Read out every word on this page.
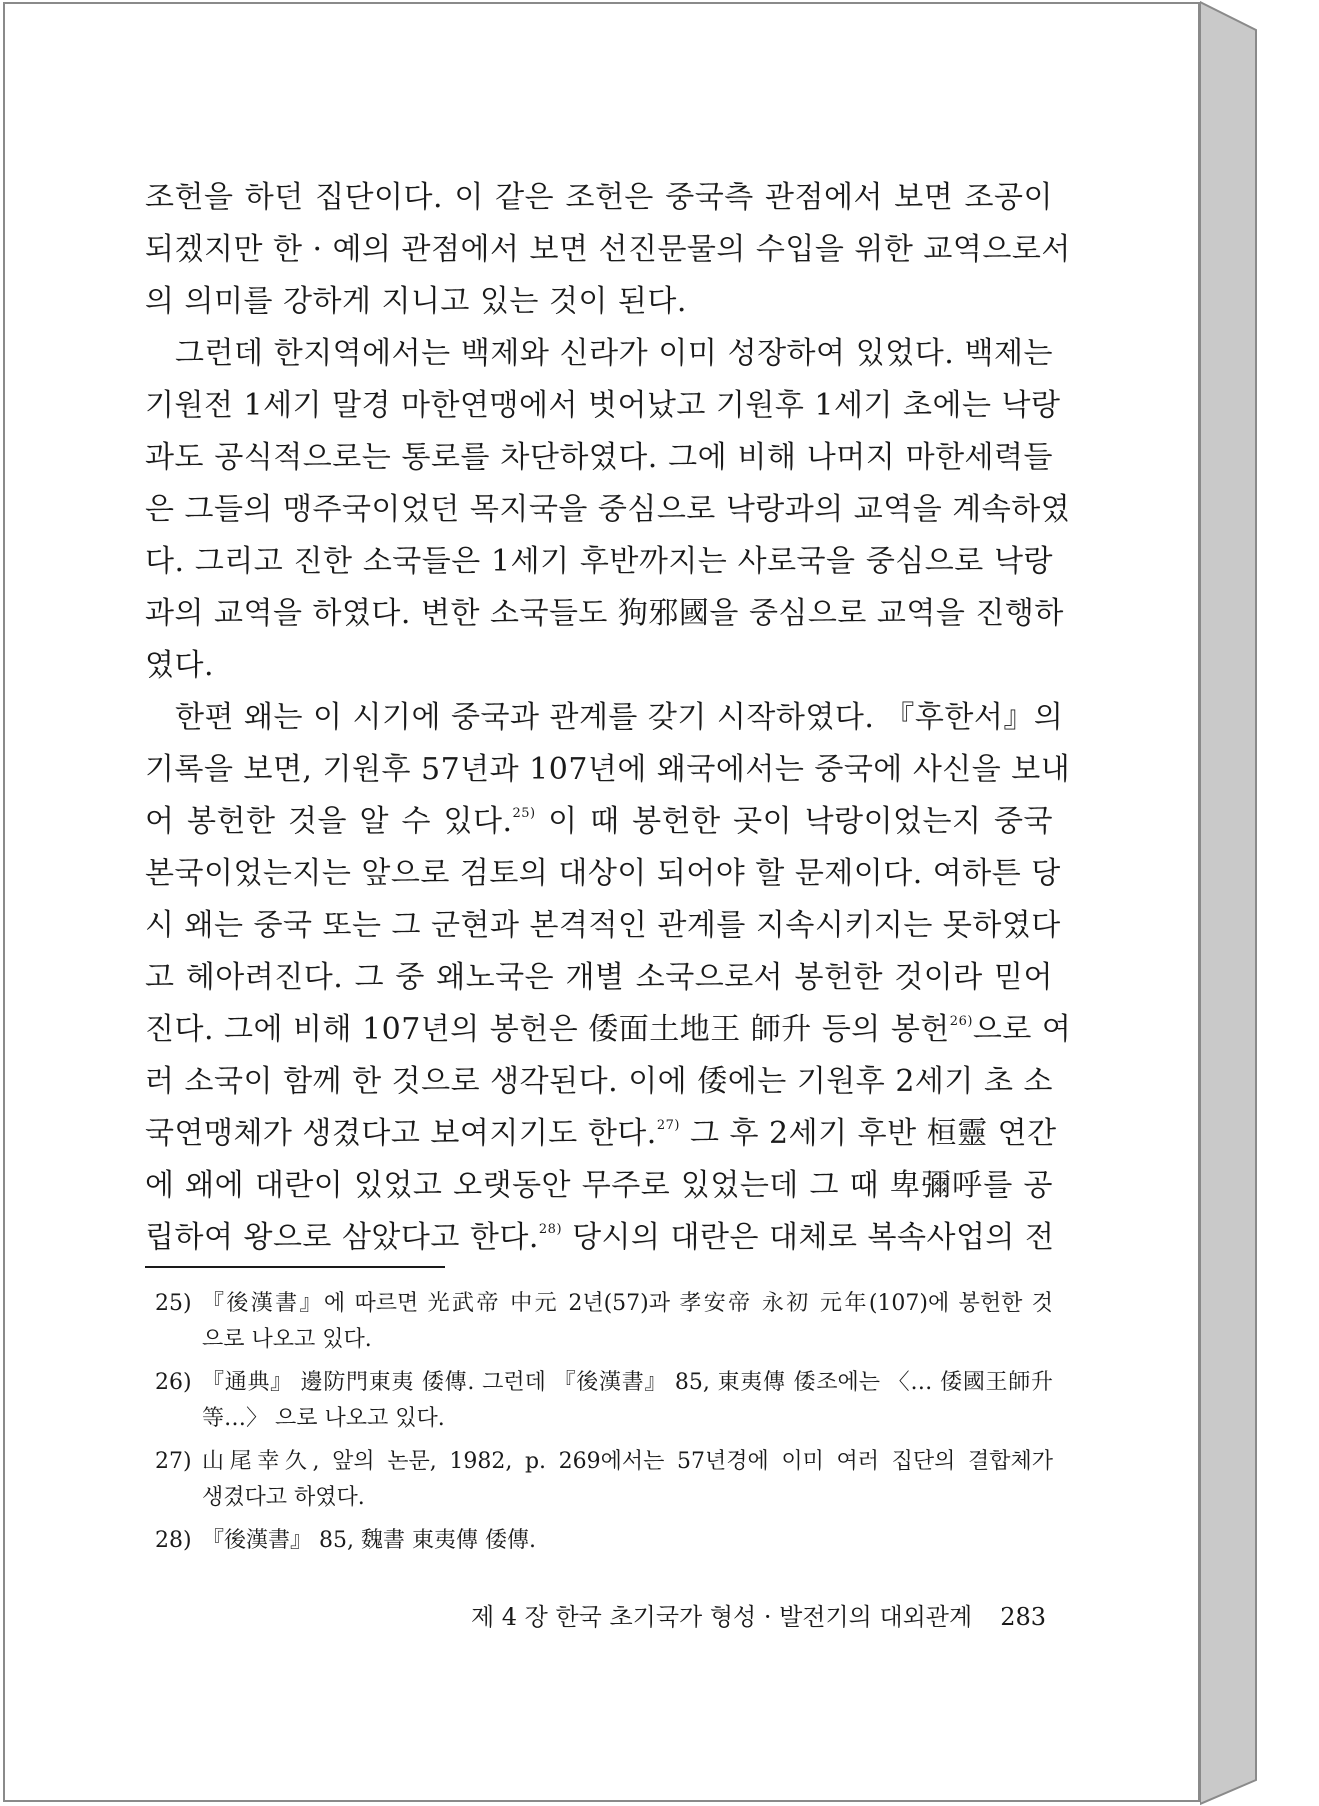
조헌을 하던 집단이다. 이 같은 조헌은 중국측 관점에서 보면 조공이
되겠지만 한 · 예의 관점에서 보면 선진문물의 수입을 위한 교역으로서
의 의미를 강하게 지니고 있는 것이 된다.
그런데 한지역에서는 백제와 신라가 이미 성장하여 있었다. 백제는
기원전 1세기 말경 마한연맹에서 벗어났고 기원후 1세기 초에는 낙랑
과도 공식적으로는 통로를 차단하였다. 그에 비해 나머지 마한세력들
은 그들의 맹주국이었던 목지국을 중심으로 낙랑과의 교역을 계속하였
다. 그리고 진한 소국들은 1세기 후반까지는 사로국을 중심으로 낙랑
과의 교역을 하였다. 변한 소국들도 狗邪國을 중심으로 교역을 진행하
였다.
한편 왜는 이 시기에 중국과 관계를 갖기 시작하였다. 『후한서』의
기록을 보면, 기원후 57년과 107년에 왜국에서는 중국에 사신을 보내
어 봉헌한 것을 알 수 있다.$^{25)}$ 이 때 봉헌한 곳이 낙랑이었는지 중국
본국이었는지는 앞으로 검토의 대상이 되어야 할 문제이다. 여하튼 당
시 왜는 중국 또는 그 군현과 본격적인 관계를 지속시키지는 못하였다
고 헤아려진다. 그 중 왜노국은 개별 소국으로서 봉헌한 것이라 믿어
진다. 그에 비해 107년의 봉헌은 倭面土地王 師升 등의 봉헌$^{26)}$으로 여
러 소국이 함께 한 것으로 생각된다. 이에 倭에는 기원후 2세기 초 소
국연맹체가 생겼다고 보여지기도 한다.$^{27)}$ 그 후 2세기 후반 桓靈 연간
에 왜에 대란이 있었고 오랫동안 무주로 있었는데 그 때 卑彌呼를 공
립하여 왕으로 삼았다고 한다.$^{28)}$ 당시의 대란은 대체로 복속사업의 전
25) 『後漢書』에 따르면 光武帝 中元 2년(57)과 孝安帝 永初 元年(107)에 봉헌한 것
으로 나오고 있다.
26) 『通典』 邊防門東夷 倭傳. 그런데 『後漢書』 85, 東夷傳 倭조에는 〈… 倭國王師升
等…〉 으로 나오고 있다.
27) 山尾幸久, 앞의 논문, 1982, p. 269에서는 57년경에 이미 여러 집단의 결합체가
생겼다고 하였다.
28) 『後漢書』 85, 魏書 東夷傳 倭傳.
제 4 장 한국 초기국가 형성 · 발전기의 대외관계 283
